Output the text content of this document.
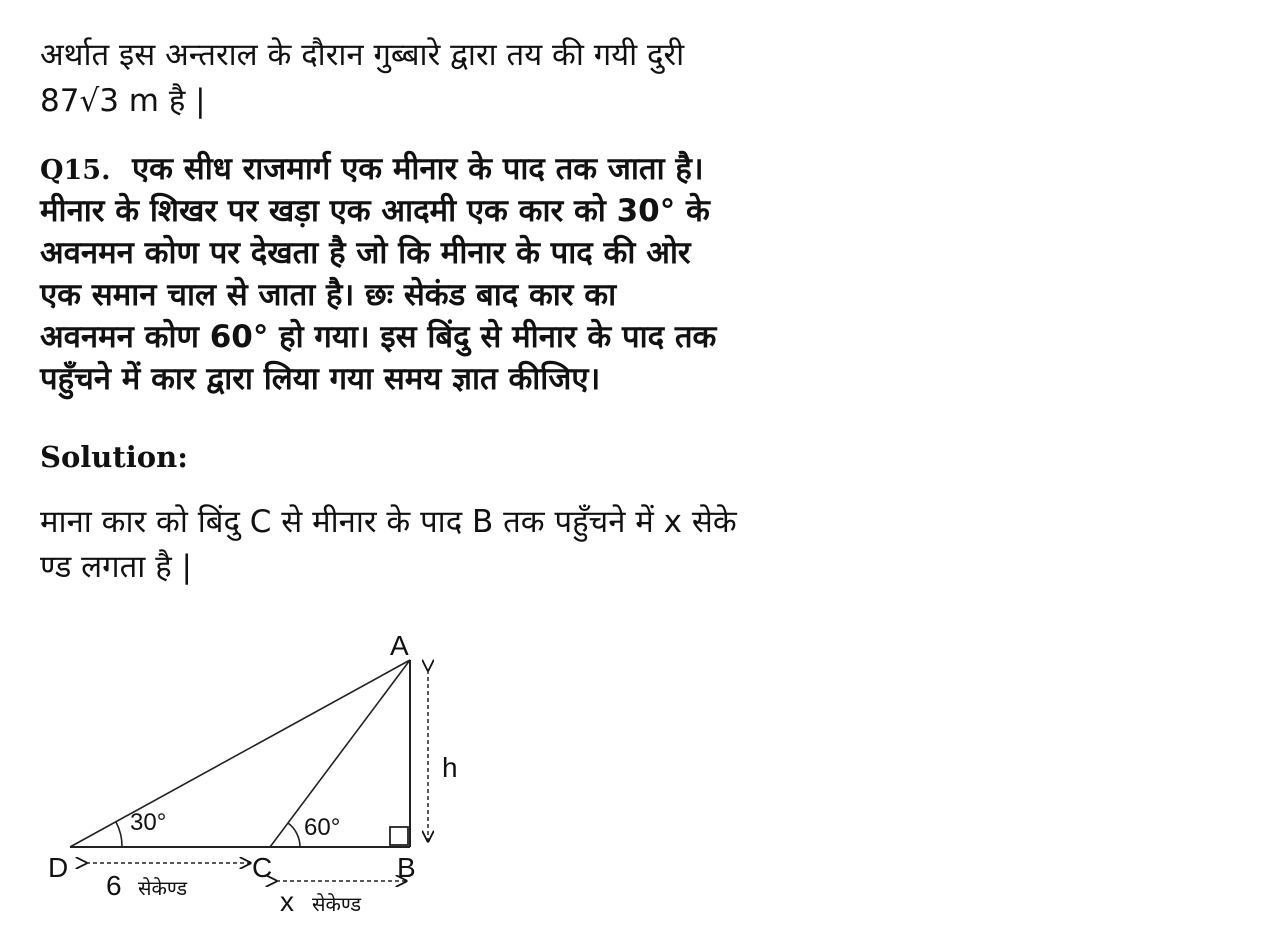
अर्थात इस अन्तराल के दौरान गुब्बारे द्वारा तय की गयी दुरी
87√3 m है |
Q15. एक सीध राजमार्ग एक मीनार के पाद तक जाता है।
मीनार के शिखर पर खड़ा एक आदमी एक कार को 30° के
अवनमन कोण पर देखता है जो कि मीनार के पाद की ओर
एक समान चाल से जाता है। छः सेकंड बाद कार का
अवनमन कोण 60° हो गया। इस बिंदु से मीनार के पाद तक
पहुँचने में कार द्वारा लिया गया समय ज्ञात कीजिए।
Solution:
माना कार को बिंदु C से मीनार के पाद B तक पहुँचने में x सेके
ण्ड लगता है |
A
B
C
D
30°	60°
h
6 सेकेण्ड	x सेकेण्ड
